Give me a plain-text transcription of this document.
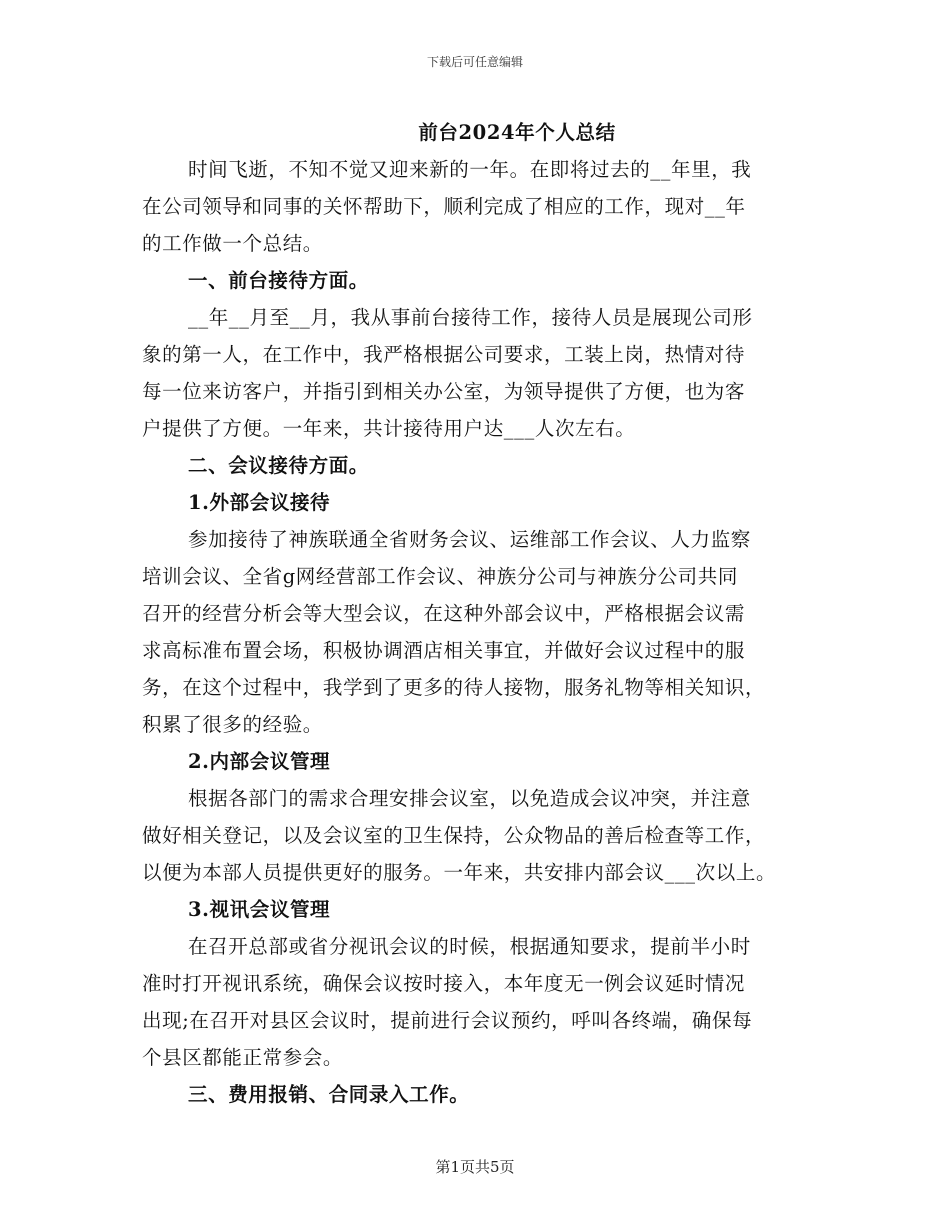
下载后可任意编辑
前台2024年个人总结
时间飞逝，不知不觉又迎来新的一年。在即将过去的__年里，我
在公司领导和同事的关怀帮助下，顺利完成了相应的工作，现对__年
的工作做一个总结。
一、前台接待方面。
__年__月至__月，我从事前台接待工作，接待人员是展现公司形
象的第一人，在工作中，我严格根据公司要求，工装上岗，热情对待
每一位来访客户，并指引到相关办公室，为领导提供了方便，也为客
户提供了方便。一年来，共计接待用户达___人次左右。
二、会议接待方面。
1.外部会议接待
参加接待了神族联通全省财务会议、运维部工作会议、人力监察
培训会议、全省g网经营部工作会议、神族分公司与神族分公司共同
召开的经营分析会等大型会议，在这种外部会议中，严格根据会议需
求高标准布置会场，积极协调酒店相关事宜，并做好会议过程中的服
务，在这个过程中，我学到了更多的待人接物，服务礼物等相关知识，
积累了很多的经验。
2.内部会议管理
根据各部门的需求合理安排会议室，以免造成会议冲突，并注意
做好相关登记，以及会议室的卫生保持，公众物品的善后检查等工作，
以便为本部人员提供更好的服务。一年来，共安排内部会议___次以上。
3.视讯会议管理
在召开总部或省分视讯会议的时候，根据通知要求，提前半小时
准时打开视讯系统，确保会议按时接入，本年度无一例会议延时情况
出现;在召开对县区会议时，提前进行会议预约，呼叫各终端，确保每
个县区都能正常参会。
三、费用报销、合同录入工作。
第1页共5页
